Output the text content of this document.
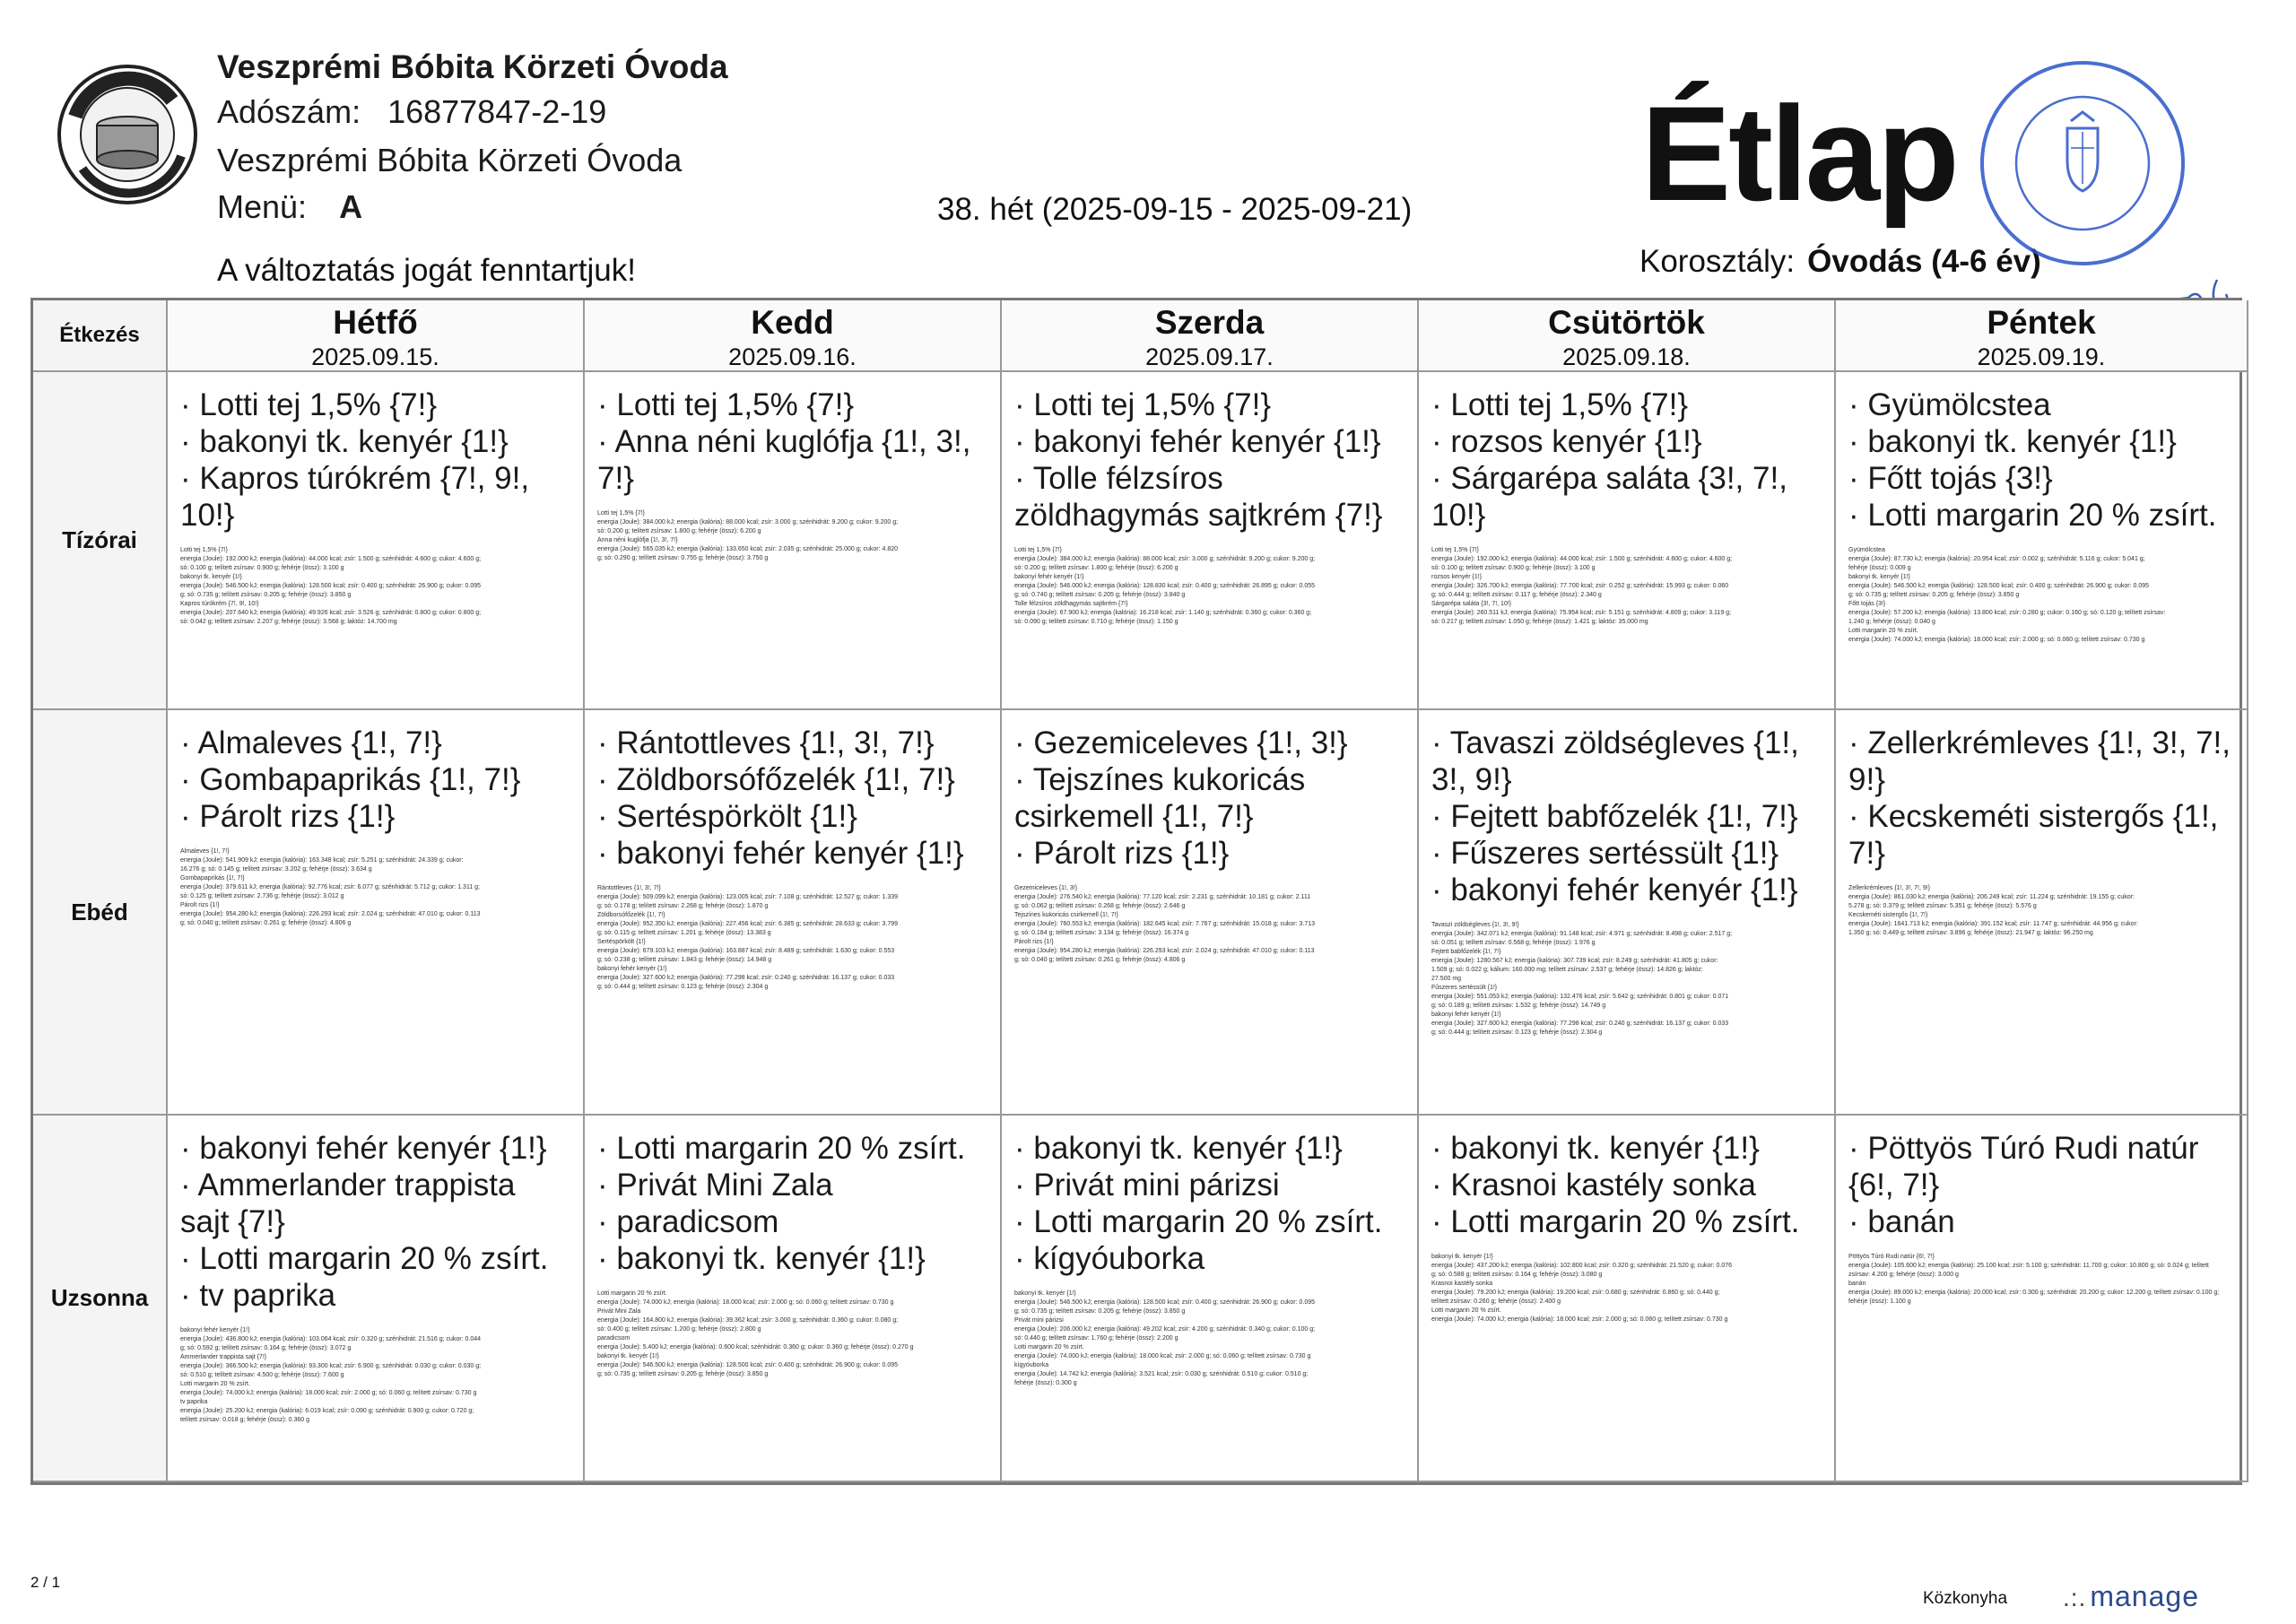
Veszprémi Bóbita Körzeti Óvoda
Adószám: 16877847-2-19
Veszprémi Bóbita Körzeti Óvoda
Menü: A	38. hét (2025-09-15 - 2025-09-21)
A változtatás jogát fenntartjuk!
Étlap
Korosztály: Óvodás (4-6 év)
Étkezés	Hétfő
2025.09.15.
Kedd
2025.09.16.
Szerda
2025.09.17.
Csütörtök
2025.09.18.
Péntek
2025.09.19.
Tízórai
· Lotti tej 1,5% {7!}
· bakonyi tk. kenyér {1!}
· Kapros túrókrém {7!, 9!, 10!}
Lotti tej 1,5% {7!}
energia (Joule): 192.000 kJ; energia (kalória): 44.000 kcal; zsír: 1.500 g; szénhidrát: 4.600 g; cukor: 4.600 g;
só: 0.100 g; telített zsírsav: 0.900 g; fehérje (össz): 3.100 g
bakonyi tk. kenyér {1!}
energia (Joule): 546.500 kJ; energia (kalória): 128.500 kcal; zsír: 0.400 g; szénhidrát: 26.900 g; cukor: 0.095
g; só: 0.735 g; telített zsírsav: 0.205 g; fehérje (össz): 3.850 g
Kapros túrókrém {7!, 9!, 10!}
energia (Joule): 207.640 kJ; energia (kalória): 49.926 kcal; zsír: 3.526 g; szénhidrát: 0.800 g; cukor: 0.800 g;
só: 0.042 g; telített zsírsav: 2.207 g; fehérje (össz): 3.568 g; laktóz: 14.700 mg
· Lotti tej 1,5% {7!}
· Anna néni kuglófja {1!, 3!, 7!}
Lotti tej 1,5% {7!}
energia (Joule): 384.000 kJ; energia (kalória): 88.000 kcal; zsír: 3.000 g; szénhidrát: 9.200 g; cukor: 9.200 g;
só: 0.200 g; telített zsírsav: 1.800 g; fehérje (össz): 6.200 g
Anna néni kuglófja {1!, 3!, 7!}
energia (Joule): 565.035 kJ; energia (kalória): 133.650 kcal; zsír: 2.035 g; szénhidrát: 25.000 g; cukor: 4.820
g; só: 0.290 g; telített zsírsav: 0.755 g; fehérje (össz): 3.750 g
· Lotti tej 1,5% {7!}
· bakonyi fehér kenyér {1!}
· Tolle félzsíros zöldhagymás sajtkrém {7!}
Lotti tej 1,5% {7!}
energia (Joule): 384.000 kJ; energia (kalória): 88.000 kcal; zsír: 3.000 g; szénhidrát: 9.200 g; cukor: 9.200 g;
só: 0.200 g; telített zsírsav: 1.800 g; fehérje (össz): 6.200 g
bakonyi fehér kenyér {1!}
energia (Joule): 546.000 kJ; energia (kalória): 128.830 kcal; zsír: 0.400 g; szénhidrát: 26.895 g; cukor: 0.055
g; só: 0.740 g; telített zsírsav: 0.205 g; fehérje (össz): 3.840 g
Tolle félzsíros zöldhagymás sajtkrém {7!}
energia (Joule): 67.900 kJ; energia (kalória): 16.218 kcal; zsír: 1.140 g; szénhidrát: 0.360 g; cukor: 0.360 g;
só: 0.090 g; telített zsírsav: 0.710 g; fehérje (össz): 1.150 g
· Lotti tej 1,5% {7!}
· rozsos kenyér {1!}
· Sárgarépa saláta {3!, 7!, 10!}
Lotti tej 1,5% {7!}
energia (Joule): 192.000 kJ; energia (kalória): 44.000 kcal; zsír: 1.500 g; szénhidrát: 4.600 g; cukor: 4.600 g;
só: 0.100 g; telített zsírsav: 0.900 g; fehérje (össz): 3.100 g
rozsos kenyér {1!}
energia (Joule): 326.700 kJ; energia (kalória): 77.700 kcal; zsír: 0.252 g; szénhidrát: 15.993 g; cukor: 0.060
g; só: 0.444 g; telített zsírsav: 0.117 g; fehérje (össz): 2.340 g
Sárgarépa saláta {3!, 7!, 10!}
energia (Joule): 260.511 kJ; energia (kalória): 75.954 kcal; zsír: 5.151 g; szénhidrát: 4.809 g; cukor: 3.119 g;
só: 0.217 g; telített zsírsav: 1.050 g; fehérje (össz): 1.421 g; laktóz: 35.000 mg
· Gyümölcstea
· bakonyi tk. kenyér {1!}
· Főtt tojás {3!}
· Lotti margarin 20 % zsírt.
Gyümölcstea
energia (Joule): 87.730 kJ; energia (kalória): 20.954 kcal; zsír: 0.002 g; szénhidrát: 5.116 g; cukor: 5.041 g;
fehérje (össz): 0.009 g
bakonyi tk. kenyér {1!}
energia (Joule): 546.500 kJ; energia (kalória): 128.500 kcal; zsír: 0.400 g; szénhidrát: 26.900 g; cukor: 0.095
g; só: 0.735 g; telített zsírsav: 0.205 g; fehérje (össz): 3.850 g
Főtt tojás {3!}
energia (Joule): 57.200 kJ; energia (kalória): 13.800 kcal; zsír: 0.280 g; cukor: 0.160 g; só: 0.120 g; telített zsírsav:
1.240 g; fehérje (össz): 0.040 g
Lotti margarin 20 % zsírt.
energia (Joule): 74.000 kJ; energia (kalória): 18.000 kcal; zsír: 2.000 g; só: 0.060 g; telített zsírsav: 0.730 g
Ebéd
· Almaleves {1!, 7!}
· Gombapaprikás {1!, 7!}
· Párolt rizs {1!}
Almaleves {1!, 7!}
energia (Joule): 541.909 kJ; energia (kalória): 163.348 kcal; zsír: 5.251 g; szénhidrát: 24.339 g; cukor:
16.276 g; só: 0.145 g; telített zsírsav: 3.202 g; fehérje (össz): 3.634 g
Gombapaprikás {1!, 7!}
energia (Joule): 379.611 kJ; energia (kalória): 92.776 kcal; zsír: 6.077 g; szénhidrát: 5.712 g; cukor: 1.311 g;
só: 0.125 g; telített zsírsav: 2.736 g; fehérje (össz): 3.012 g
Párolt rizs {1!}
energia (Joule): 954.280 kJ; energia (kalória): 226.293 kcal; zsír: 2.024 g; szénhidrát: 47.010 g; cukor: 0.113
g; só: 0.040 g; telített zsírsav: 0.261 g; fehérje (össz): 4.806 g
· Rántottleves {1!, 3!, 7!}
· Zöldborsófőzelék {1!, 7!}
· Sertéspörkölt {1!}
· bakonyi fehér kenyér {1!}
Rántottleves {1!, 3!, 7!}
energia (Joule): 509.099 kJ; energia (kalória): 123.005 kcal; zsír: 7.108 g; szénhidrát: 12.527 g; cukor: 1.339
g; só: 0.178 g; telített zsírsav: 2.268 g; fehérje (össz): 1.870 g
Zöldborsófőzelék {1!, 7!}
energia (Joule): 952.350 kJ; energia (kalória): 227.456 kcal; zsír: 6.385 g; szénhidrát: 28.633 g; cukor: 3.799
g; só: 0.115 g; telített zsírsav: 1.201 g; fehérje (össz): 13.383 g
Sertéspörkölt {1!}
energia (Joule): 679.103 kJ; energia (kalória): 163.887 kcal; zsír: 8.489 g; szénhidrát: 1.630 g; cukor: 0.553
g; só: 0.238 g; telített zsírsav: 1.843 g; fehérje (össz): 14.948 g
bakonyi fehér kenyér {1!}
energia (Joule): 327.600 kJ; energia (kalória): 77.298 kcal; zsír: 0.240 g; szénhidrát: 16.137 g; cukor: 0.033
g; só: 0.444 g; telített zsírsav: 0.123 g; fehérje (össz): 2.304 g
· Gezemiceleves {1!, 3!}
· Tejszínes kukoricás csirkemell {1!, 7!}
· Párolt rizs {1!}
Gezemiceleves {1!, 3!}
energia (Joule): 276.540 kJ; energia (kalória): 77.120 kcal; zsír: 2.231 g; szénhidrát: 10.181 g; cukor: 2.111
g; só: 0.062 g; telített zsírsav: 0.268 g; fehérje (össz): 2.646 g
Tejszínes kukoricás csirkemell {1!, 7!}
energia (Joule): 760.553 kJ; energia (kalória): 182.645 kcal; zsír: 7.767 g; szénhidrát: 15.018 g; cukor: 3.713
g; só: 0.184 g; telített zsírsav: 3.134 g; fehérje (össz): 16.374 g
Párolt rizs {1!}
energia (Joule): 954.280 kJ; energia (kalória): 226.293 kcal; zsír: 2.024 g; szénhidrát: 47.010 g; cukor: 0.113
g; só: 0.040 g; telített zsírsav: 0.261 g; fehérje (össz): 4.806 g
· Tavaszi zöldségleves {1!, 3!, 9!}
· Fejtett babfőzelék {1!, 7!}
· Fűszeres sertéssült {1!}
· bakonyi fehér kenyér {1!}
Tavaszi zöldségleves {1!, 3!, 9!}
energia (Joule): 342.071 kJ; energia (kalória): 91.148 kcal; zsír: 4.971 g; szénhidrát: 8.498 g; cukor: 2.517 g;
só: 0.051 g; telített zsírsav: 0.568 g; fehérje (össz): 1.976 g
Fejtett babfőzelék {1!, 7!}
energia (Joule): 1280.567 kJ; energia (kalória): 307.739 kcal; zsír: 8.249 g; szénhidrát: 41.805 g; cukor:
1.509 g; só: 0.022 g; kálium: 160.000 mg; telített zsírsav: 2.537 g; fehérje (össz): 14.826 g; laktóz:
27.500 mg
Fűszeres sertéssült {1!}
energia (Joule): 551.053 kJ; energia (kalória): 132.476 kcal; zsír: 5.642 g; szénhidrát: 0.801 g; cukor: 0.071
g; só: 0.189 g; telített zsírsav: 1.532 g; fehérje (össz): 14.749 g
bakonyi fehér kenyér {1!}
energia (Joule): 327.600 kJ; energia (kalória): 77.298 kcal; zsír: 0.240 g; szénhidrát: 16.137 g; cukor: 0.033
g; só: 0.444 g; telített zsírsav: 0.123 g; fehérje (össz): 2.304 g
· Zellerkrémleves {1!, 3!, 7!, 9!}
· Kecskeméti sistergős {1!, 7!}
Zellerkrémleves {1!, 3!, 7!, 9!}
energia (Joule): 861.030 kJ; energia (kalória): 206.249 kcal; zsír: 11.224 g; szénhidrát: 19.155 g; cukor:
5.278 g; só: 0.379 g; telített zsírsav: 5.351 g; fehérje (össz): 5.576 g
Kecskeméti sistergős {1!, 7!}
energia (Joule): 1641.713 kJ; energia (kalória): 391.152 kcal; zsír: 11.747 g; szénhidrát: 44.956 g; cukor:
1.350 g; só: 0.449 g; telített zsírsav: 3.896 g; fehérje (össz): 21.947 g; laktóz: 96.250 mg
Uzsonna
· bakonyi fehér kenyér {1!}
· Ammerlander trappista sajt {7!}
· Lotti margarin 20 % zsírt.
· tv paprika
bakonyi fehér kenyér {1!}
energia (Joule): 436.800 kJ; energia (kalória): 103.064 kcal; zsír: 0.320 g; szénhidrát: 21.516 g; cukor: 0.044
g; só: 0.592 g; telített zsírsav: 0.164 g; fehérje (össz): 3.072 g
Ammerlander trappista sajt {7!}
energia (Joule): 366.500 kJ; energia (kalória): 93.300 kcal; zsír: 6.900 g; szénhidrát: 0.030 g; cukor: 0.030 g;
só: 0.510 g; telített zsírsav: 4.500 g; fehérje (össz): 7.600 g
Lotti margarin 20 % zsírt.
energia (Joule): 74.000 kJ; energia (kalória): 18.000 kcal; zsír: 2.000 g; só: 0.060 g; telített zsírsav: 0.730 g
tv paprika
energia (Joule): 25.200 kJ; energia (kalória): 6.019 kcal; zsír: 0.090 g; szénhidrát: 0.900 g; cukor: 0.720 g;
telített zsírsav: 0.018 g; fehérje (össz): 0.360 g
· Lotti margarin 20 % zsírt.
· Privát Mini Zala
· paradicsom
· bakonyi tk. kenyér {1!}
Lotti margarin 20 % zsírt.
energia (Joule): 74.000 kJ; energia (kalória): 18.000 kcal; zsír: 2.000 g; só: 0.060 g; telített zsírsav: 0.730 g
Privát Mini Zala
energia (Joule): 164.800 kJ; energia (kalória): 39.362 kcal; zsír: 3.000 g; szénhidrát: 0.360 g; cukor: 0.080 g;
só: 0.400 g; telített zsírsav: 1.200 g; fehérje (össz): 2.800 g
paradicsom
energia (Joule): 5.400 kJ; energia (kalória): 0.600 kcal; szénhidrát: 0.360 g; cukor: 0.360 g; fehérje (össz): 0.270 g
bakonyi tk. kenyér {1!}
energia (Joule): 546.500 kJ; energia (kalória): 128.500 kcal; zsír: 0.400 g; szénhidrát: 26.900 g; cukor: 0.095
g; só: 0.735 g; telített zsírsav: 0.205 g; fehérje (össz): 3.850 g
· bakonyi tk. kenyér {1!}
· Privát mini párizsi
· Lotti margarin 20 % zsírt.
· kígyóuborka
bakonyi tk. kenyér {1!}
energia (Joule): 546.500 kJ; energia (kalória): 128.500 kcal; zsír: 0.400 g; szénhidrát: 26.900 g; cukor: 0.095
g; só: 0.735 g; telített zsírsav: 0.205 g; fehérje (össz): 3.850 g
Privát mini párizsi
energia (Joule): 206.000 kJ; energia (kalória): 49.202 kcal; zsír: 4.200 g; szénhidrát: 0.340 g; cukor: 0.100 g;
só: 0.440 g; telített zsírsav: 1.760 g; fehérje (össz): 2.200 g
Lotti margarin 20 % zsírt.
energia (Joule): 74.000 kJ; energia (kalória): 18.000 kcal; zsír: 2.000 g; só: 0.060 g; telített zsírsav: 0.730 g
kígyóuborka
energia (Joule): 14.742 kJ; energia (kalória): 3.521 kcal; zsír: 0.030 g; szénhidrát: 0.510 g; cukor: 0.510 g;
fehérje (össz): 0.300 g
· bakonyi tk. kenyér {1!}
· Krasnoi kastély sonka
· Lotti margarin 20 % zsírt.
bakonyi tk. kenyér {1!}
energia (Joule): 437.200 kJ; energia (kalória): 102.800 kcal; zsír: 0.320 g; szénhidrát: 21.520 g; cukor: 0.076
g; só: 0.588 g; telített zsírsav: 0.164 g; fehérje (össz): 3.080 g
Krasnoi kastély sonka
energia (Joule): 79.200 kJ; energia (kalória): 19.200 kcal; zsír: 0.680 g; szénhidrát: 0.860 g; só: 0.440 g;
telített zsírsav: 0.260 g; fehérje (össz): 2.400 g
Lotti margarin 20 % zsírt.
energia (Joule): 74.000 kJ; energia (kalória): 18.000 kcal; zsír: 2.000 g; só: 0.060 g; telített zsírsav: 0.730 g
· Pöttyös Túró Rudi natúr {6!, 7!}
· banán
Pöttyös Túró Rudi natúr {6!, 7!}
energia (Joule): 105.600 kJ; energia (kalória): 25.100 kcal; zsír: 5.100 g; szénhidrát: 11.700 g; cukor: 10.800 g; só: 0.024 g; telített
zsírsav: 4.200 g; fehérje (össz): 3.000 g
banán
energia (Joule): 89.000 kJ; energia (kalória): 20.000 kcal; zsír: 0.300 g; szénhidrát: 20.200 g; cukor: 12.200 g; telített zsírsav: 0.100 g;
fehérje (össz): 1.100 g
2 / 1
Közkonyha .:. manage
